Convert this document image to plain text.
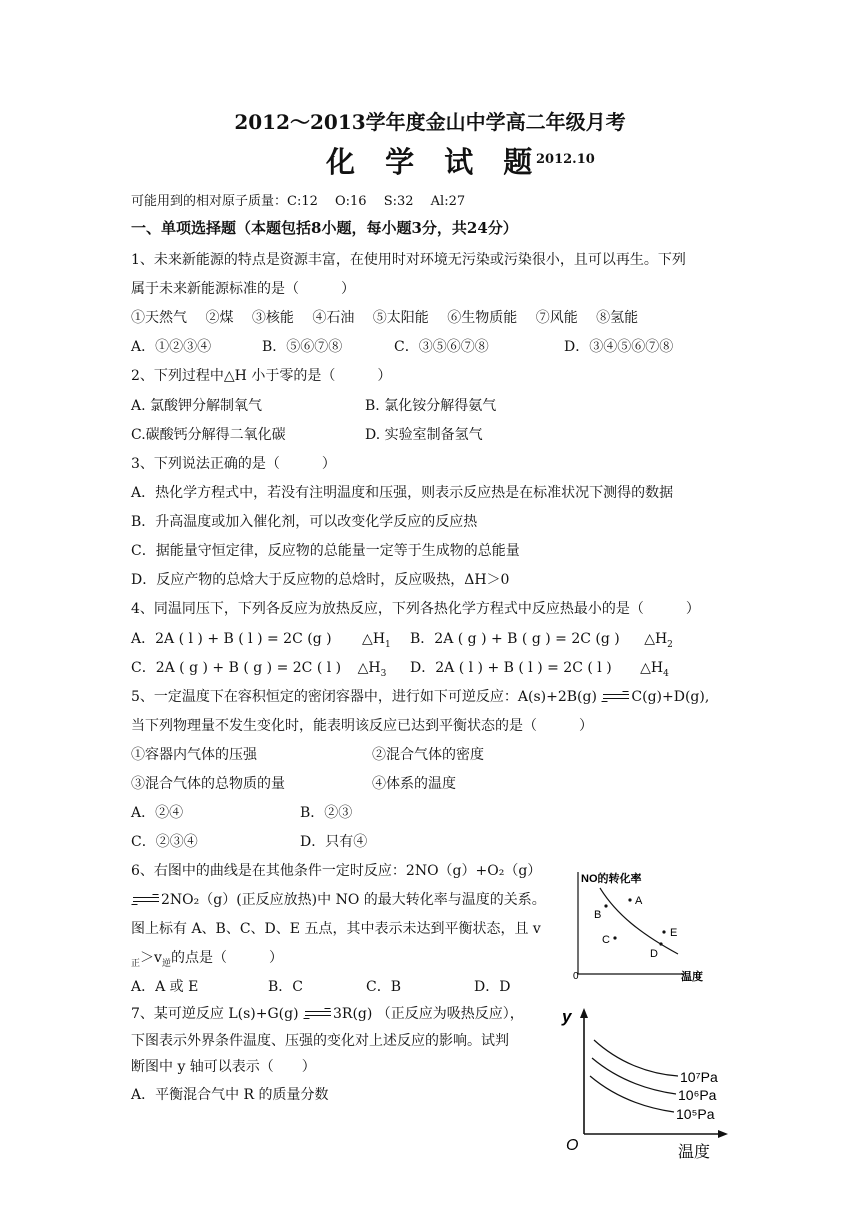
2012～2013学年度金山中学高二年级月考
化 学 试 题
2012.10
可能用到的相对原子质量：C:12 　O:16 　S:32 　Al:27
一、单项选择题（本题包括8小题，每小题3分，共24分）
1、未来新能源的特点是资源丰富，在使用时对环境无污染或污染很小，且可以再生。下列
属于未来新能源标准的是（　　　）
①天然气 　②煤 　③核能 　④石油 　⑤太阳能 　⑥生物质能 　⑦风能 　⑧氢能
A．①②③④	B．⑤⑥⑦⑧	C．③⑤⑥⑦⑧	D．③④⑤⑥⑦⑧
2、下列过程中△H 小于零的是（　　　）
A. 氯酸钾分解制氧气	B. 氯化铵分解得氨气
C.碳酸钙分解得二氧化碳	D. 实验室制备氢气
3、下列说法正确的是（　　　）
A．热化学方程式中，若没有注明温度和压强，则表示反应热是在标准状况下测得的数据
B．升高温度或加入催化剂，可以改变化学反应的反应热
C．据能量守恒定律，反应物的总能量一定等于生成物的总能量
D．反应产物的总焓大于反应物的总焓时，反应吸热，ΔH＞0
4、同温同压下，下列各反应为放热反应，下列各热化学方程式中反应热最小的是（　　　）
A．2A ( l ) + B ( l ) = 2C (g ) $\triangle H_1$ B．2A ( g ) + B ( g ) = 2C (g ) $\triangle H_2$
C．2A ( g ) + B ( g ) = 2C ( l ) $\triangle H_3$ D．2A ( l ) + B ( l ) = 2C ( l ) $\triangle H_4$
5、一定温度下在容积恒定的密闭容器中，进行如下可逆反应：A(s)+2B(g) →C(g)+D(g),
当下列物理量不发生变化时，能表明该反应已达到平衡状态的是（　　　）
①容器内气体的压强	②混合气体的密度
③混合气体的总物质的量	④体系的温度
A．②④	B．②③
C．②③④	D．只有④
6、右图中的曲线是在其他条件一定时反应：2NO（g）+O₂（g）
→2NO₂（g）(正反应放热)中 NO 的最大转化率与温度的关系。
图上标有 A、B、C、D、E 五点，其中表示未达到平衡状态，且 v
$_正>v_逆$的点是（　　　）
A．A 或 E	B．C	C．B	D．D
NO的转化率
温度
0
A
B
C
D
E
7、某可逆反应 L(s)+G(g) →3R(g) （正反应为吸热反应），
下图表示外界条件温度、压强的变化对上述反应的影响。试判
断图中 y 轴可以表示（　　）
A．平衡混合气中 R 的质量分数
y
温度
O
10⁷Pa
10⁶Pa
10⁵Pa
